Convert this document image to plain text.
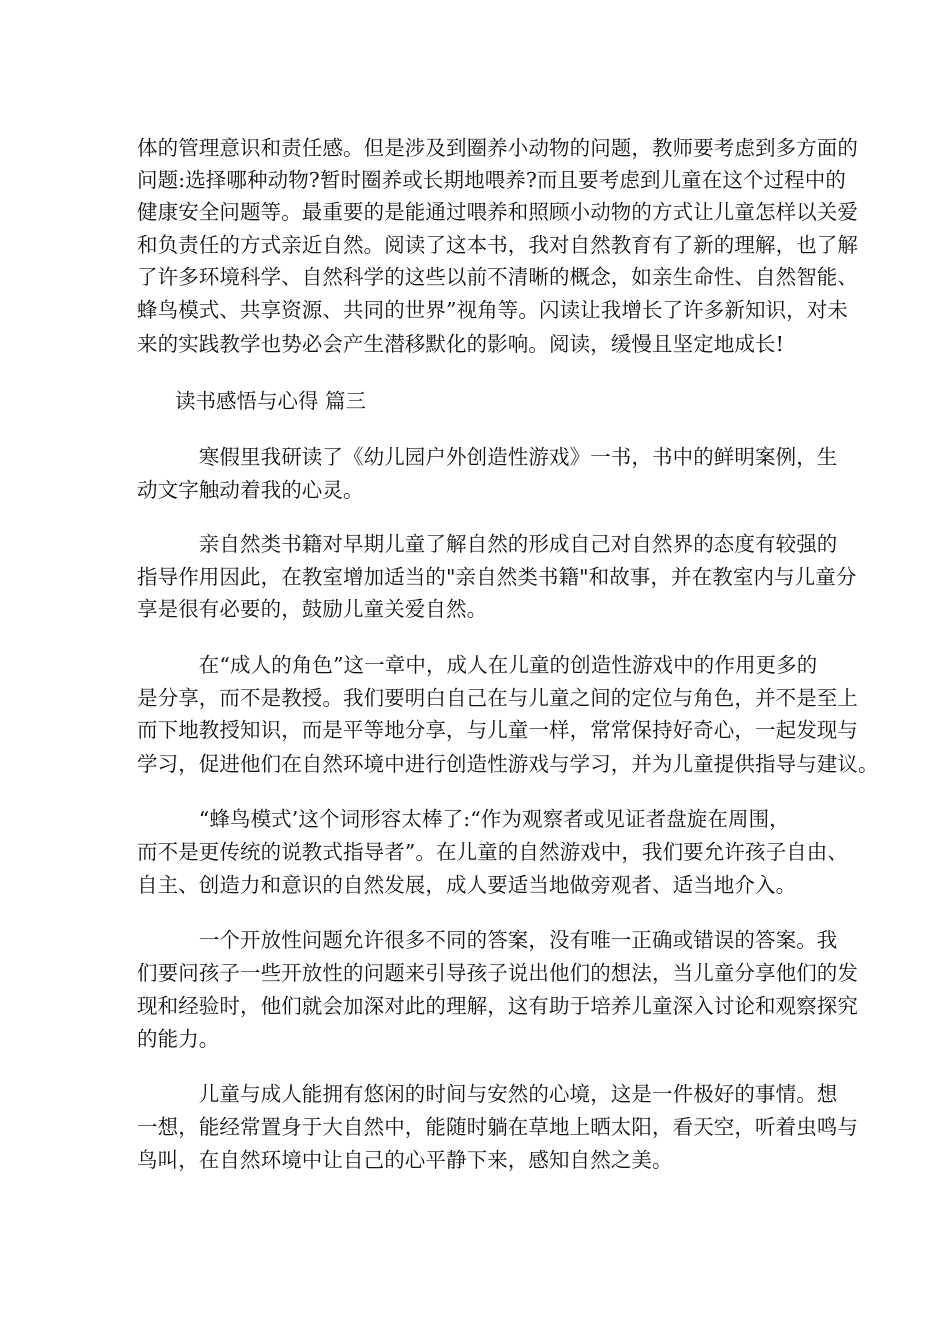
体的管理意识和责任感。但是涉及到圈养小动物的问题，教师要考虑到多方面的
问题:选择哪种动物?暂时圈养或长期地喂养?而且要考虑到儿童在这个过程中的
健康安全问题等。最重要的是能通过喂养和照顾小动物的方式让儿童怎样以关爱
和负责任的方式亲近自然。阅读了这本书，我对自然教育有了新的理解，也了解
了许多环境科学、自然科学的这些以前不清晰的概念，如亲生命性、自然智能、
蜂鸟模式、共享资源、共同的世界”视角等。闪读让我增长了许多新知识，对未
来的实践教学也势必会产生潜移默化的影响。阅读，缓慢且坚定地成长!
读书感悟与心得 篇三
　　　寒假里我研读了《幼儿园户外创造性游戏》一书，书中的鲜明案例，生
动文字触动着我的心灵。
　　　亲自然类书籍对早期儿童了解自然的形成自己对自然界的态度有较强的
指导作用因此，在教室增加适当的"亲自然类书籍"和故事，并在教室内与儿童分
享是很有必要的，鼓励儿童关爱自然。
　　　在“成人的角色”这一章中，成人在儿童的创造性游戏中的作用更多的
是分享，而不是教授。我们要明白自己在与儿童之间的定位与角色，并不是至上
而下地教授知识，而是平等地分享，与儿童一样，常常保持好奇心，一起发现与
学习，促进他们在自然环境中进行创造性游戏与学习，并为儿童提供指导与建议。
　　　“蜂鸟模式’这个词形容太棒了:“作为观察者或见证者盘旋在周围，
而不是更传统的说教式指导者”。在儿童的自然游戏中，我们要允许孩子自由、
自主、创造力和意识的自然发展，成人要适当地做旁观者、适当地介入。
　　　一个开放性问题允许很多不同的答案，没有唯一正确或错误的答案。我
们要问孩子一些开放性的问题来引导孩子说出他们的想法，当儿童分享他们的发
现和经验时，他们就会加深对此的理解，这有助于培养儿童深入讨论和观察探究
的能力。
　　　儿童与成人能拥有悠闲的时间与安然的心境，这是一件极好的事情。想
一想，能经常置身于大自然中，能随时躺在草地上晒太阳，看天空，听着虫鸣与
鸟叫，在自然环境中让自己的心平静下来，感知自然之美。
